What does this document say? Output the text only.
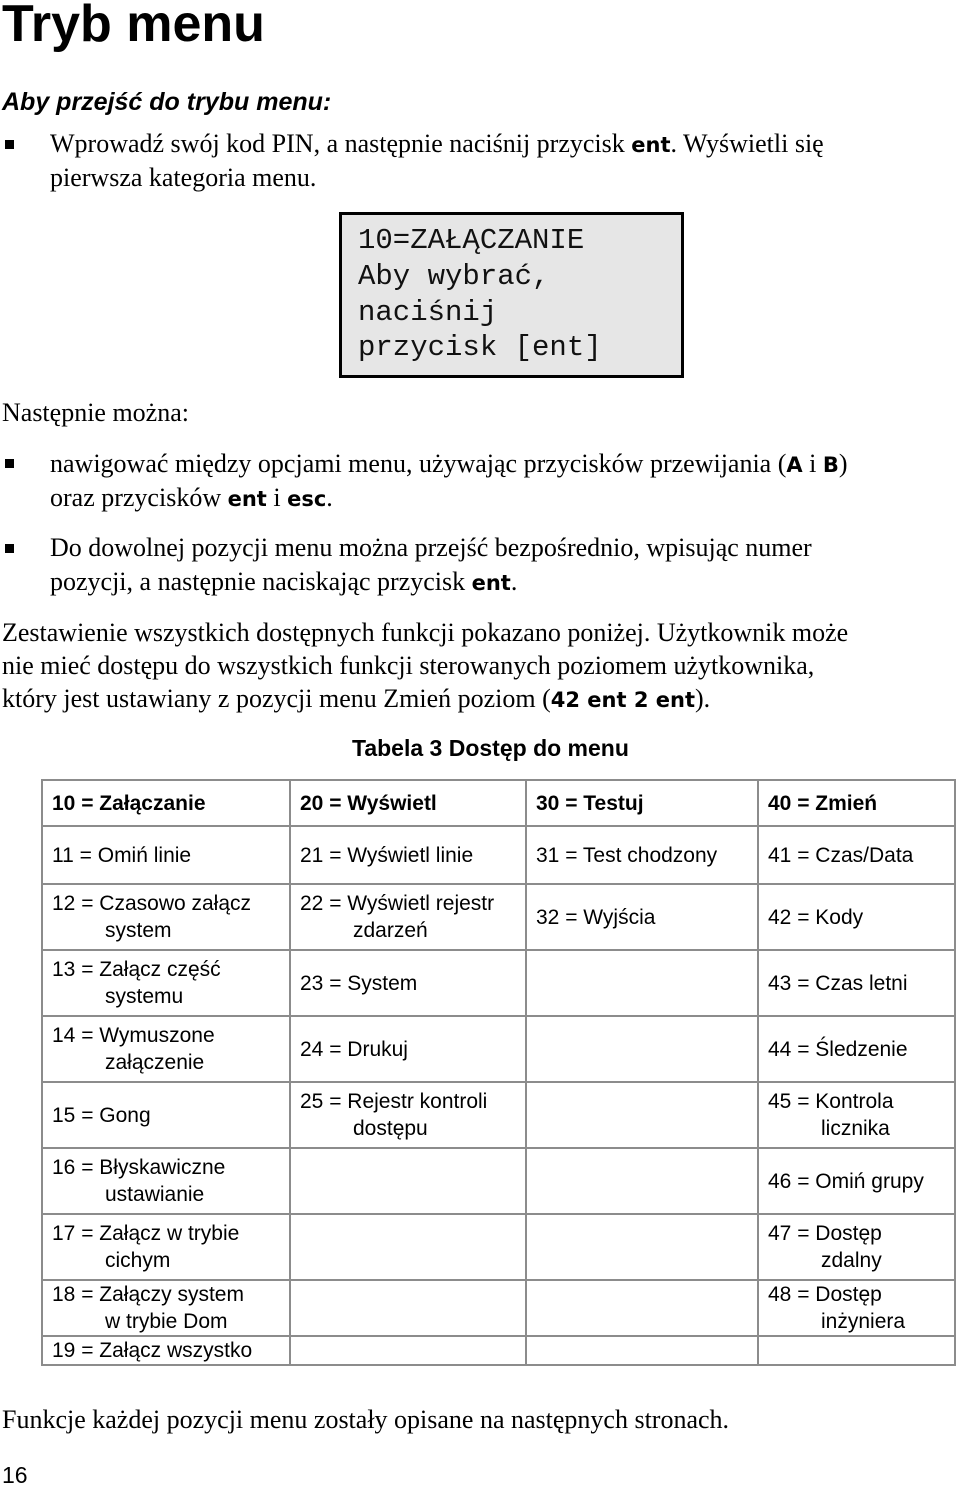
Tryb menu
Aby przejść do trybu menu:
Wprowadź swój kod PIN, a następnie naciśnij przycisk ent. Wyświetli się
pierwsza kategoria menu.
10=ZAŁĄCZANIE
Aby wybrać,
naciśnij
przycisk [ent]
Następnie można:
nawigować między opcjami menu, używając przycisków przewijania (A i B)
oraz przycisków ent i esc.
Do dowolnej pozycji menu można przejść bezpośrednio, wpisując numer
pozycji, a następnie naciskając przycisk ent.
Zestawienie wszystkich dostępnych funkcji pokazano poniżej. Użytkownik może
nie mieć dostępu do wszystkich funkcji sterowanych poziomem użytkownika,
który jest ustawiany z pozycji menu Zmień poziom (42 ent 2 ent).
Tabela 3 Dostęp do menu
10 = Załączanie	20 = Wyświetl	30 = Testuj	40 = Zmień

11 = Omiń linie	21 = Wyświetl linie	31 = Test chodzony	41 = Czas/Data

12 = Czasowo załącz
system	22 = Wyświetl rejestr
zdarzeń	32 = Wyjścia	42 = Kody

13 = Załącz część
systemu	23 = System		43 = Czas letni

14 = Wymuszone
załączenie	24 = Drukuj		44 = Śledzenie

15 = Gong	25 = Rejestr kontroli
dostępu		45 = Kontrola
licznika

16 = Błyskawiczne
ustawianie			46 = Omiń grupy

17 = Załącz w trybie
cichym			47 = Dostęp
zdalny

18 = Załączy system
w trybie Dom			48 = Dostęp
inżyniera

19 = Załącz wszystko			

Funkcje każdej pozycji menu zostały opisane na następnych stronach.
16
